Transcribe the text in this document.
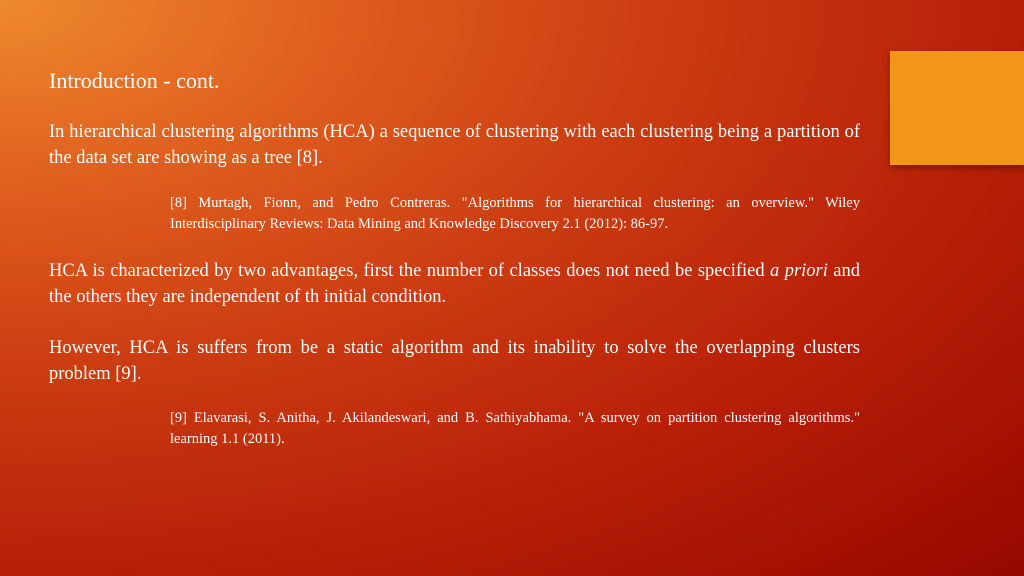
Introduction - cont.

In hierarchical clustering algorithms (HCA) a sequence of clustering with each clustering being a partition of the data set are showing as a tree [8].

[8] Murtagh, Fionn, and Pedro Contreras. "Algorithms for hierarchical clustering: an overview." Wiley Interdisciplinary Reviews: Data Mining and Knowledge Discovery 2.1 (2012): 86-97.

HCA is characterized by two advantages, first the number of classes does not need be specified a priori and the others they are independent of th initial condition.

However, HCA is suffers from be a static algorithm and its inability to solve the overlapping clusters problem [9].

[9] Elavarasi, S. Anitha, J. Akilandeswari, and B. Sathiyabhama. "A survey on partition clustering algorithms." learning 1.1 (2011).
